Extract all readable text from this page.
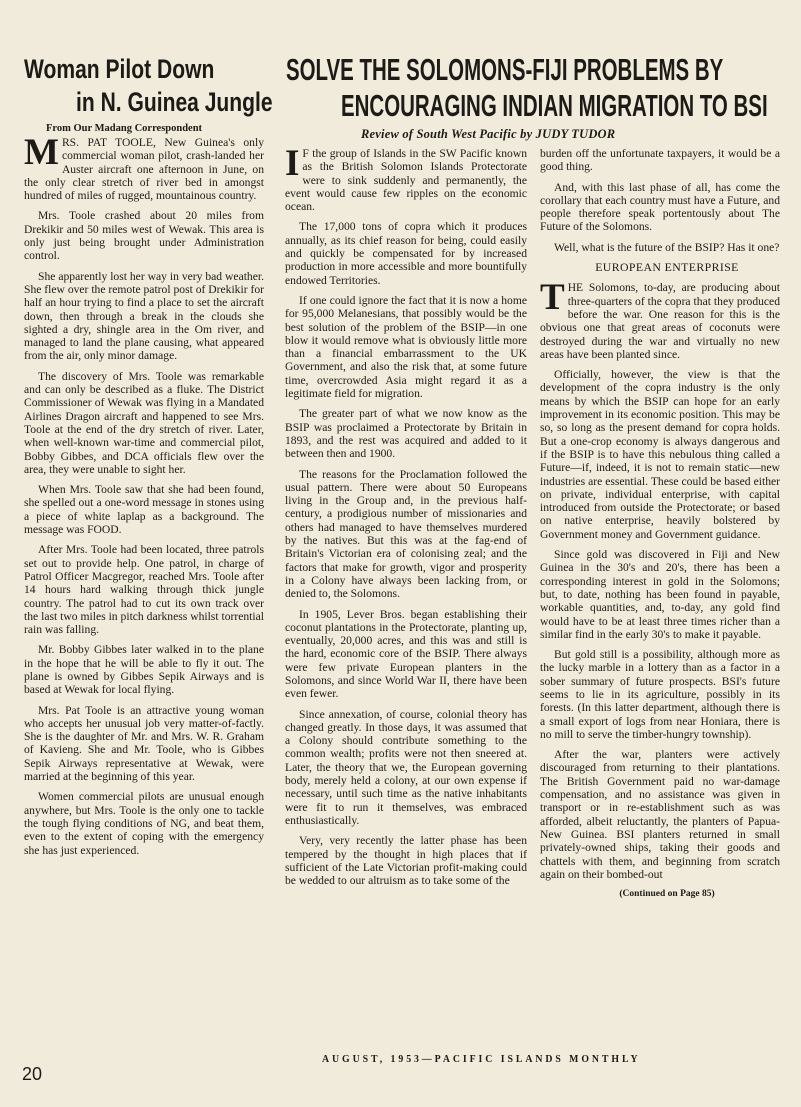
Woman Pilot Down
in N. Guinea Jungle
SOLVE THE SOLOMONS-FIJI PROBLEMS BY
ENCOURAGING INDIAN MIGRATION TO BSI

From Our Madang Correspondent	Review of South West Pacific by JUDY TUDOR

MRS. PAT TOOLE, New Guinea's only commercial woman pilot, crash-landed her Auster aircraft one afternoon in June, on the only clear stretch of river bed in amongst hundred of miles of rugged, mountainous country.

Mrs. Toole crashed about 20 miles from Drekikir and 50 miles west of Wewak. This area is only just being brought under Administration control.

She apparently lost her way in very bad weather. She flew over the remote patrol post of Drekikir for half an hour trying to find a place to set the aircraft down, then through a break in the clouds she sighted a dry, shingle area in the Om river, and managed to land the plane causing, what appeared from the air, only minor damage.

The discovery of Mrs. Toole was remarkable and can only be described as a fluke. The District Commissioner of Wewak was flying in a Mandated Airlines Dragon aircraft and happened to see Mrs. Toole at the end of the dry stretch of river. Later, when well-known war-time and commercial pilot, Bobby Gibbes, and DCA officials flew over the area, they were unable to sight her.

When Mrs. Toole saw that she had been found, she spelled out a one-word message in stones using a piece of white laplap as a background. The message was FOOD.

After Mrs. Toole had been located, three patrols set out to provide help. One patrol, in charge of Patrol Officer Macgregor, reached Mrs. Toole after 14 hours hard walking through thick jungle country. The patrol had to cut its own track over the last two miles in pitch darkness whilst torrential rain was falling.

Mr. Bobby Gibbes later walked in to the plane in the hope that he will be able to fly it out. The plane is owned by Gibbes Sepik Airways and is based at Wewak for local flying.

Mrs. Pat Toole is an attractive young woman who accepts her unusual job very matter-of-factly. She is the daughter of Mr. and Mrs. W. R. Graham of Kavieng. She and Mr. Toole, who is Gibbes Sepik Airways representative at Wewak, were married at the beginning of this year.

Women commercial pilots are unusual enough anywhere, but Mrs. Toole is the only one to tackle the tough flying conditions of NG, and beat them, even to the extent of coping with the emergency she has just experienced.

I F the group of Islands in the SW Pacific known as the British Solomon Islands Protectorate were to sink suddenly and permanently, the event would cause few ripples on the economic ocean.

The 17,000 tons of copra which it produces annually, as its chief reason for being, could easily and quickly be compensated for by increased production in more accessible and more bountifully endowed Territories.

If one could ignore the fact that it is now a home for 95,000 Melanesians, that possibly would be the best solution of the problem of the BSIP—in one blow it would remove what is obviously little more than a financial embarrassment to the UK Government, and also the risk that, at some future time, overcrowded Asia might regard it as a legitimate field for migration.

The greater part of what we now know as the BSIP was proclaimed a Protectorate by Britain in 1893, and the rest was acquired and added to it between then and 1900.

The reasons for the Proclamation followed the usual pattern. There were about 50 Europeans living in the Group and, in the previous half-century, a prodigious number of missionaries and others had managed to have themselves murdered by the natives. But this was at the fag-end of Britain's Victorian era of colonising zeal; and the factors that make for growth, vigor and prosperity in a Colony have always been lacking from, or denied to, the Solomons.

In 1905, Lever Bros. began establishing their coconut plantations in the Protectorate, planting up, eventually, 20,000 acres, and this was and still is the hard, economic core of the BSIP. There always were few private European planters in the Solomons, and since World War II, there have been even fewer.

Since annexation, of course, colonial theory has changed greatly. In those days, it was assumed that a Colony should contribute something to the common wealth; profits were not then sneered at. Later, the theory that we, the European governing body, merely held a colony, at our own expense if necessary, until such time as the native inhabitants were fit to run it themselves, was embraced enthusiastically.

Very, very recently the latter phase has been tempered by the thought in high places that if sufficient of the Late Victorian profit-making could be wedded to our altruism as to take some of the

burden off the unfortunate taxpayers, it would be a good thing.

And, with this last phase of all, has come the corollary that each country must have a Future, and people therefore speak portentously about The Future of the Solomons.

Well, what is the future of the BSIP? Has it one?

EUROPEAN ENTERPRISE

THE Solomons, to-day, are producing about three-quarters of the copra that they produced before the war. One reason for this is the obvious one that great areas of coconuts were destroyed during the war and virtually no new areas have been planted since.

Officially, however, the view is that the development of the copra industry is the only means by which the BSIP can hope for an early improvement in its economic position. This may be so, so long as the present demand for copra holds. But a one-crop economy is always dangerous and if the BSIP is to have this nebulous thing called a Future—if, indeed, it is not to remain static—new industries are essential. These could be based either on private, individual enterprise, with capital introduced from outside the Protectorate; or based on native enterprise, heavily bolstered by Government money and Government guidance.

Since gold was discovered in Fiji and New Guinea in the 30's and 20's, there has been a corresponding interest in gold in the Solomons; but, to date, nothing has been found in payable, workable quantities, and, to-day, any gold find would have to be at least three times richer than a similar find in the early 30's to make it payable.

But gold still is a possibility, although more as the lucky marble in a lottery than as a factor in a sober summary of future prospects. BSI's future seems to lie in its agriculture, possibly in its forests. (In this latter department, although there is a small export of logs from near Honiara, there is no mill to serve the timber-hungry township).

After the war, planters were actively discouraged from returning to their plantations. The British Government paid no war-damage compensation, and no assistance was given in transport or in re-establishment such as was afforded, albeit reluctantly, the planters of Papua-New Guinea. BSI planters returned in small privately-owned ships, taking their goods and chattels with them, and beginning from scratch again on their bombed-out

(Continued on Page 85)

20

AUGUST, 1953—PACIFIC ISLANDS MONTHLY
